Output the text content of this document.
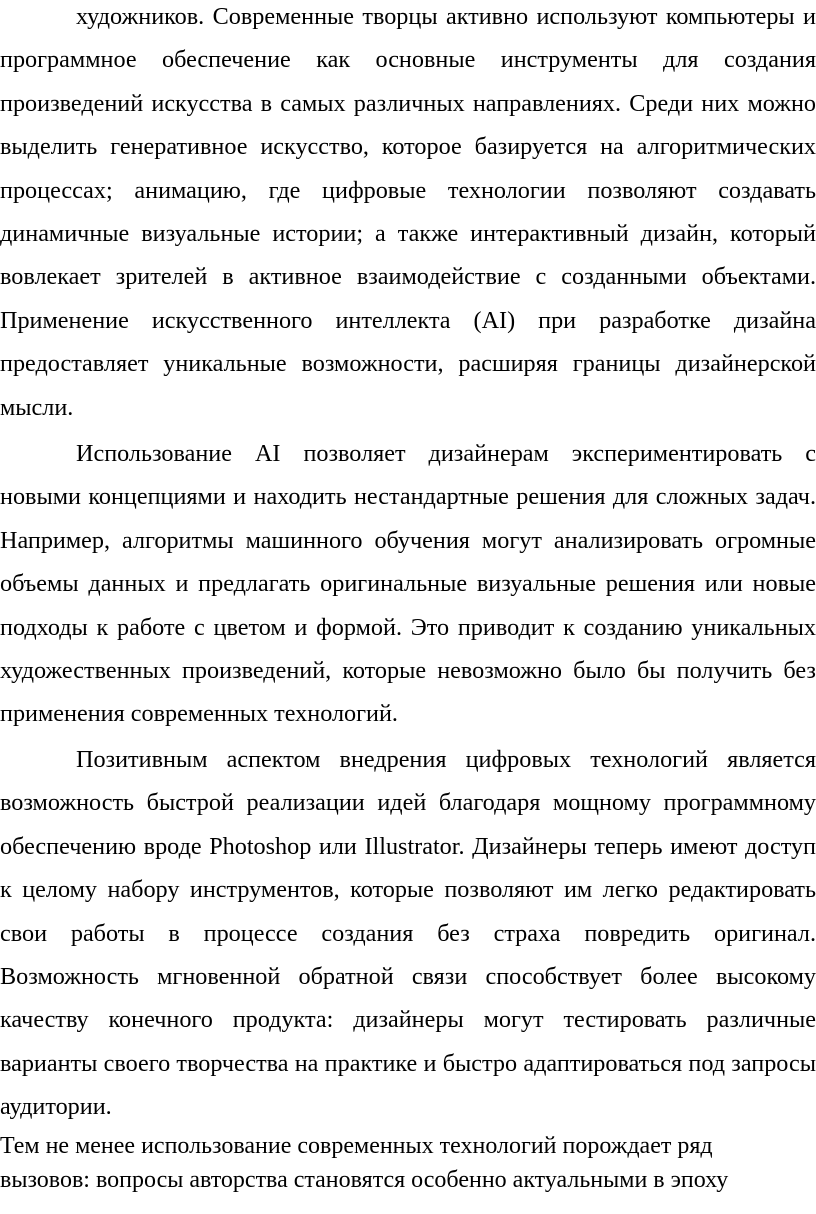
художников. Современные творцы активно используют компьютеры и программное обеспечение как основные инструменты для создания произведений искусства в самых различных направлениях. Среди них можно выделить генеративное искусство, которое базируется на алгоритмических процессах; анимацию, где цифровые технологии позволяют создавать динамичные визуальные истории; а также интерактивный дизайн, который вовлекает зрителей в активное взаимодействие с созданными объектами. Применение искусственного интеллекта (AI) при разработке дизайна предоставляет уникальные возможности, расширяя границы дизайнерской мысли.

Использование AI позволяет дизайнерам экспериментировать с новыми концепциями и находить нестандартные решения для сложных задач. Например, алгоритмы машинного обучения могут анализировать огромные объемы данных и предлагать оригинальные визуальные решения или новые подходы к работе с цветом и формой. Это приводит к созданию уникальных художественных произведений, которые невозможно было бы получить без применения современных технологий.

Позитивным аспектом внедрения цифровых технологий является возможность быстрой реализации идей благодаря мощному программному обеспечению вроде Photoshop или Illustrator. Дизайнеры теперь имеют доступ к целому набору инструментов, которые позволяют им легко редактировать свои работы в процессе создания без страха повредить оригинал. Возможность мгновенной обратной связи способствует более высокому качеству конечного продукта: дизайнеры могут тестировать различные варианты своего творчества на практике и быстро адаптироваться под запросы аудитории.

Тем не менее использование современных технологий порождает ряд вызовов: вопросы авторства становятся особенно актуальными в эпоху
